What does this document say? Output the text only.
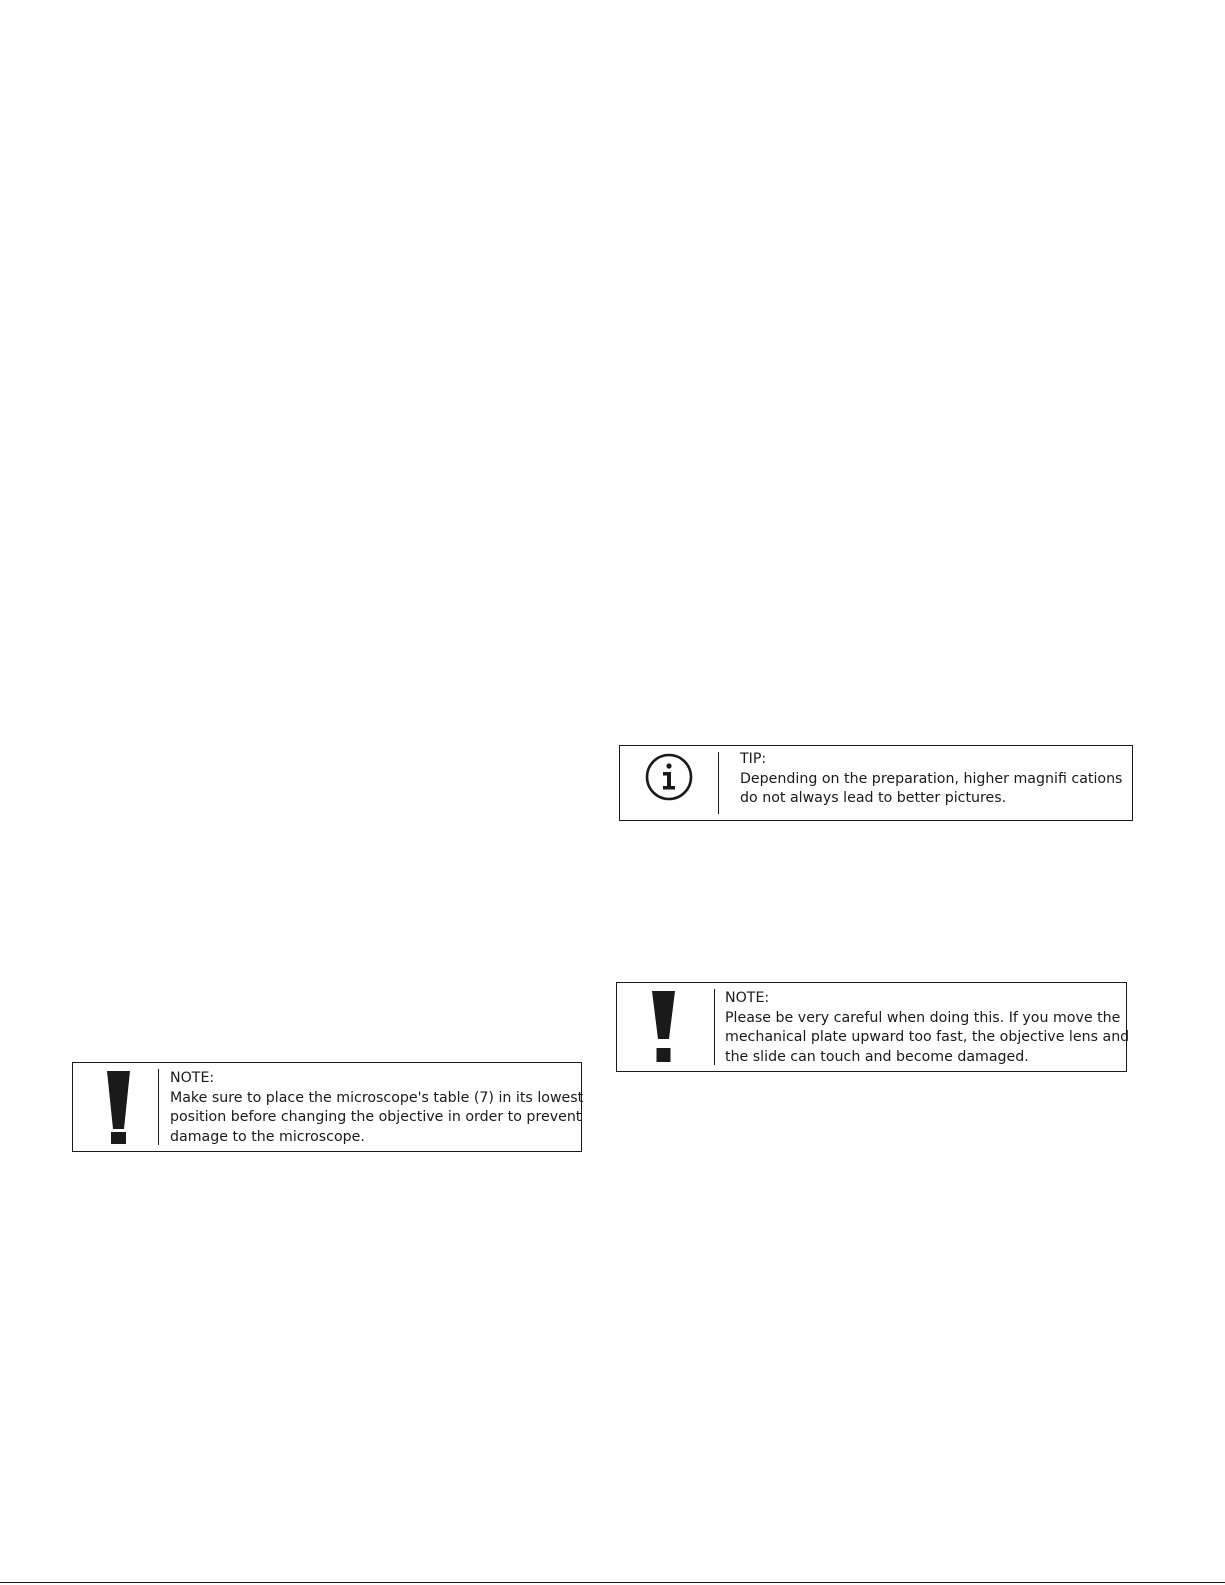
TIP:
Depending on the preparation, higher magnifi cations
do not always lead to better pictures.
NOTE:
Please be very careful when doing this. If you move the
mechanical plate upward too fast, the objective lens and
the slide can touch and become damaged.
NOTE:
Make sure to place the microscope's table (7) in its lowest
position before changing the objective in order to prevent
damage to the microscope.
